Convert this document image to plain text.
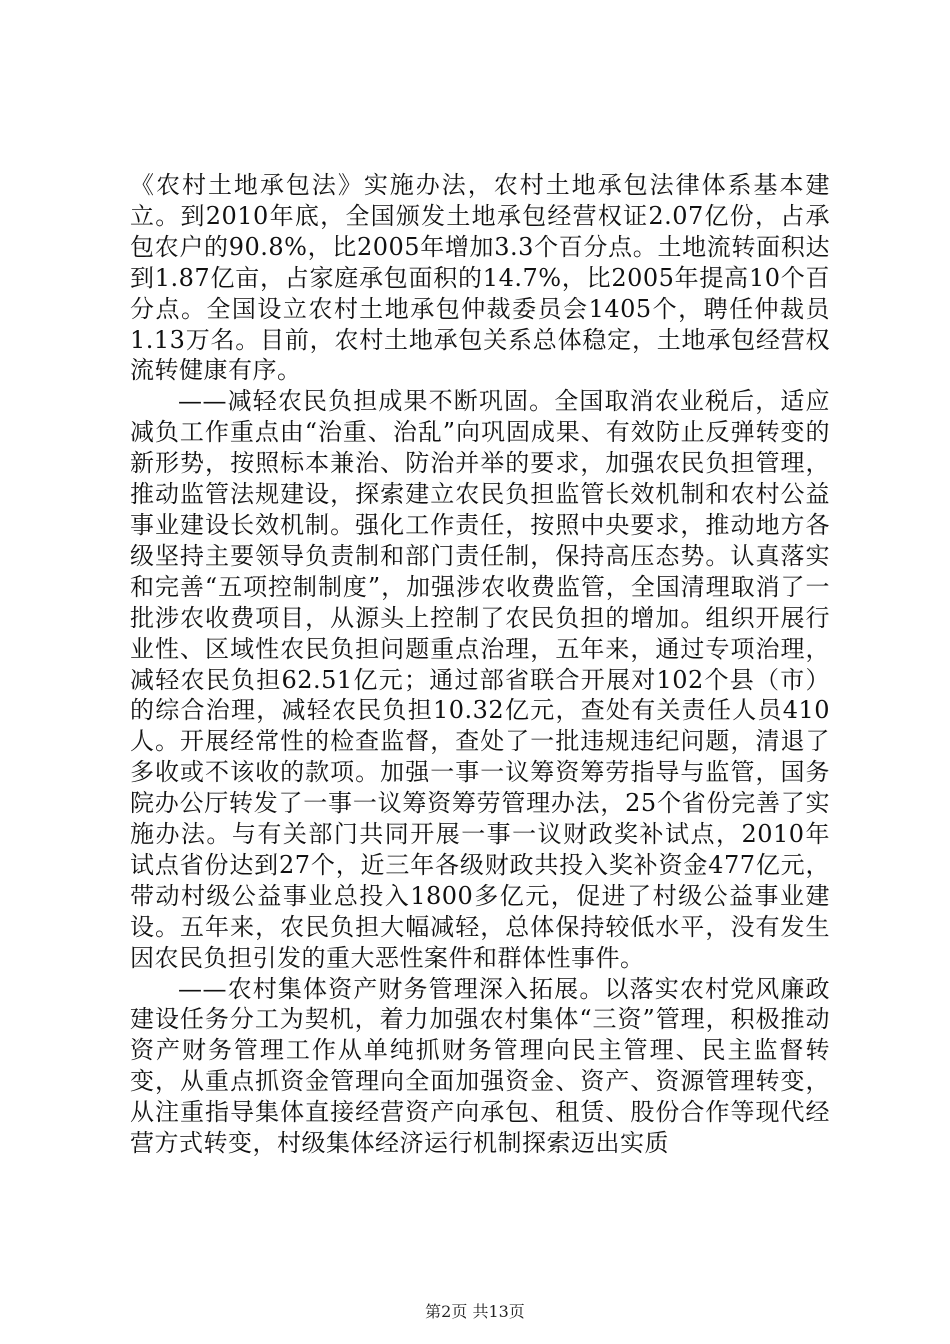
《农村土地承包法》实施办法，农村土地承包法律体系基本建立。到2010年底，全国颁发土地承包经营权证2.07亿份，占承包农户的90.8%，比2005年增加3.3个百分点。土地流转面积达到1.87亿亩，占家庭承包面积的14.7%，比2005年提高10个百分点。全国设立农村土地承包仲裁委员会1405个，聘任仲裁员1.13万名。目前，农村土地承包关系总体稳定，土地承包经营权流转健康有序。

——减轻农民负担成果不断巩固。全国取消农业税后，适应减负工作重点由“治重、治乱”向巩固成果、有效防止反弹转变的新形势，按照标本兼治、防治并举的要求，加强农民负担管理，推动监管法规建设，探索建立农民负担监管长效机制和农村公益事业建设长效机制。强化工作责任，按照中央要求，推动地方各级坚持主要领导负责制和部门责任制，保持高压态势。认真落实和完善“五项控制制度”，加强涉农收费监管，全国清理取消了一批涉农收费项目，从源头上控制了农民负担的增加。组织开展行业性、区域性农民负担问题重点治理，五年来，通过专项治理，减轻农民负担62.51亿元；通过部省联合开展对102个县（市）的综合治理，减轻农民负担10.32亿元，查处有关责任人员410人。开展经常性的检查监督，查处了一批违规违纪问题，清退了多收或不该收的款项。加强一事一议筹资筹劳指导与监管，国务院办公厅转发了一事一议筹资筹劳管理办法，25个省份完善了实施办法。与有关部门共同开展一事一议财政奖补试点，2010年试点省份达到27个，近三年各级财政共投入奖补资金477亿元，带动村级公益事业总投入1800多亿元，促进了村级公益事业建设。五年来，农民负担大幅减轻，总体保持较低水平，没有发生因农民负担引发的重大恶性案件和群体性事件。

——农村集体资产财务管理深入拓展。以落实农村党风廉政建设任务分工为契机，着力加强农村集体“三资”管理，积极推动资产财务管理工作从单纯抓财务管理向民主管理、民主监督转变，从重点抓资金管理向全面加强资金、资产、资源管理转变，从注重指导集体直接经营资产向承包、租赁、股份合作等现代经营方式转变，村级集体经济运行机制探索迈出实质

第2页 共13页
